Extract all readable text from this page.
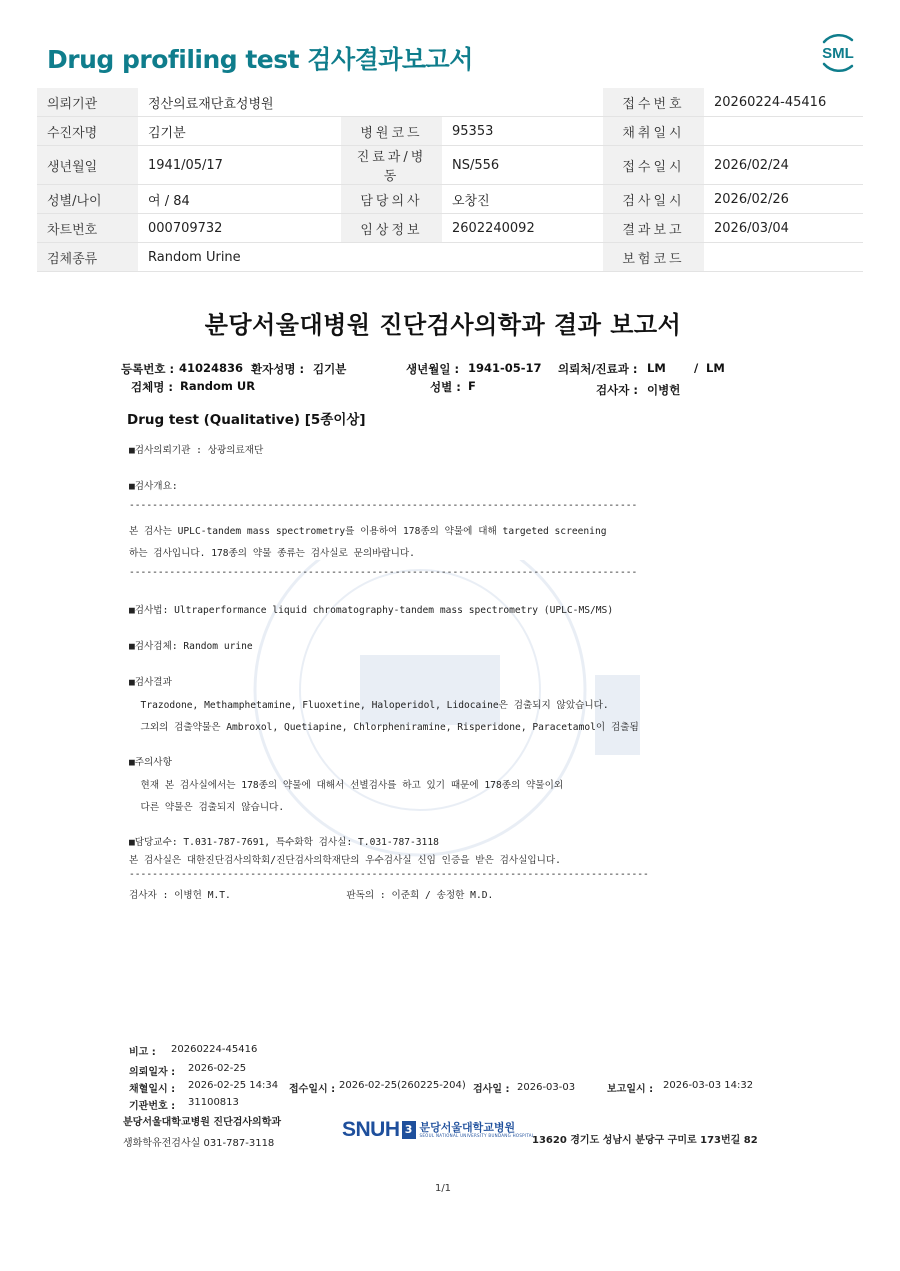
Drug profiling test 검사결과보고서	SML
의뢰기관	정산의료재단효성병원			접수번호	20260224-45416
수진자명	김기분	병원코드	95353	채취일시	
생년월일	1941/05/17	진료과/병동	NS/556	접수일시	2026/02/24
성별/나이	여 / 84	담당의사	오창진	검사일시	2026/02/26
차트번호	000709732	임상정보	2602240092	결과보고	2026/03/04
검체종류	Random Urine			보험코드	
분당서울대병원 진단검사의학과 결과 보고서
등록번호 : 41024836 환자성명 : 김기분	생년월일 : 1941-05-17 의뢰처/진료과 : LM / LM
검체명 : Random UR	성별 : F	검사자 : 이병헌
Drug test (Qualitative) [5종이상]
■검사의뢰기관 : 상광의료재단
■검사개요:
----------------------------------------------------------------------------------------
본 검사는 UPLC-tandem mass spectrometry를 이용하여 178종의 약물에 대해 targeted screening
하는 검사입니다. 178종의 약물 종류는 검사실로 문의바랍니다.
----------------------------------------------------------------------------------------
■검사법: Ultraperformance liquid chromatography-tandem mass spectrometry (UPLC-MS/MS)
■검사검체: Random urine
■검사결과
Trazodone, Methamphetamine, Fluoxetine, Haloperidol, Lidocaine은 검출되지 않았습니다.
그외의 검출약물은 Ambroxol, Quetiapine, Chlorpheniramine, Risperidone, Paracetamol이 검출됨
■주의사항
현재 본 검사실에서는 178종의 약물에 대해서 선별검사를 하고 있기 때문에 178종의 약물이외
다른 약물은 검출되지 않습니다.
■담당교수: T.031-787-7691, 특수화학 검사실: T.031-787-3118
본 검사실은 대한진단검사의학회/진단검사의학재단의 우수검사실 신임 인증을 받은 검사실입니다.
------------------------------------------------------------------------------------------
검사자 : 이병헌 M.T.                    판독의 : 이준희 / 송정한 M.D.
비고 : 20260224-45416
의뢰일자 : 2026-02-25
채혈일시 : 2026-02-25 14:34 접수일시 : 2026-02-25(260225-204) 검사일 : 2026-03-03	보고일시 : 2026-03-03 14:32
기관번호 : 31100813
분당서울대학교병원 진단검사의학과
생화학유전검사실 031-787-3118
SNUH 3 분당서울대학교병원
SEOUL NATIONAL UNIVERSITY BUNDANG HOSPITAL
13620 경기도 성남시 분당구 구미로 173번길 82
1/1
